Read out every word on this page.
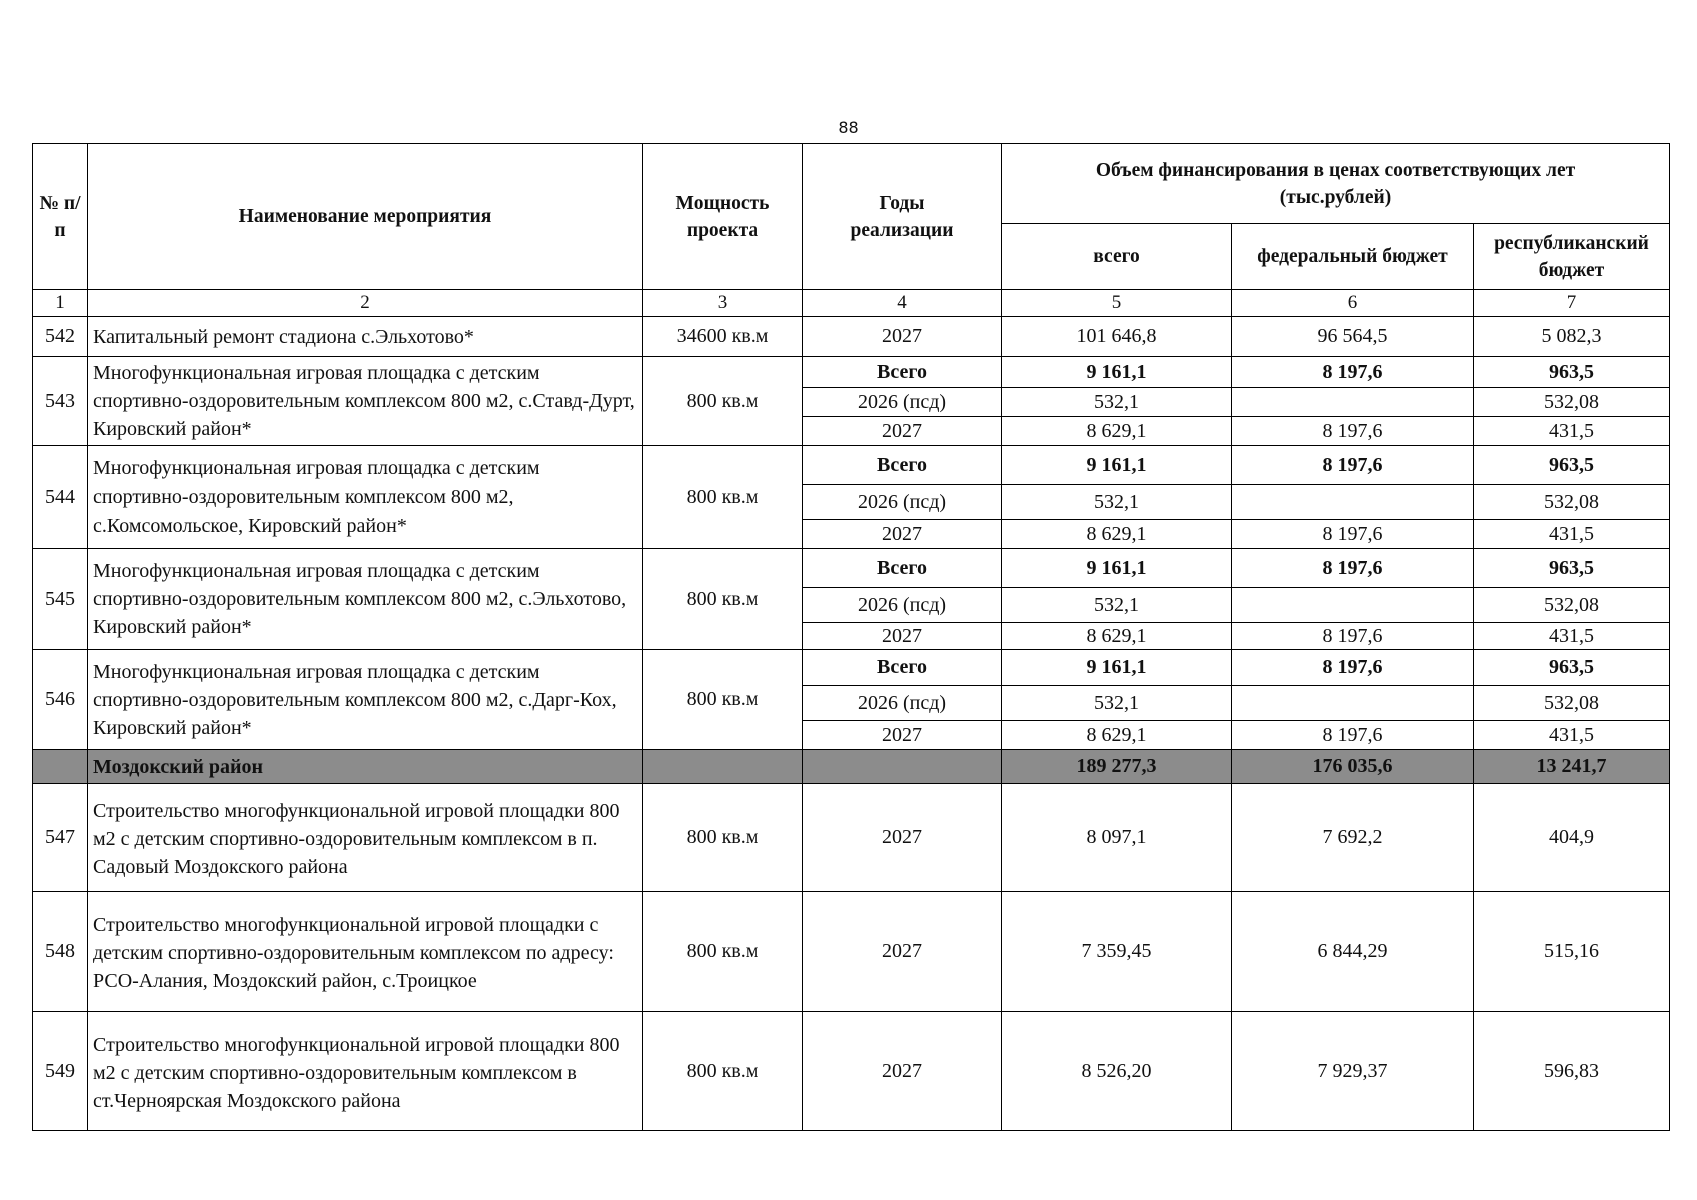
88
№ п/п	Наименование мероприятия	Мощность проекта	Годы реализации	Объем финансирования в ценах соответствующих лет (тыс.рублей)		
				всего	федеральный бюджет	республиканский бюджет
1	2	3	4	5	6	7
542	Капитальный ремонт стадиона с.Эльхотово*	34600 кв.м	2027	101 646,8	96 564,5	5 082,3
543	Многофункциональная игровая площадка с детским спортивно-оздоровительным комплексом 800 м2, с.Ставд-Дурт, Кировский район*	800 кв.м	Всего	9 161,1	8 197,6	963,5
			2026 (псд)	532,1		532,08
			2027	8 629,1	8 197,6	431,5
544	Многофункциональная игровая площадка с детским спортивно-оздоровительным комплексом 800 м2, с.Комсомольское, Кировский район*	800 кв.м	Всего	9 161,1	8 197,6	963,5
			2026 (псд)	532,1		532,08
			2027	8 629,1	8 197,6	431,5
545	Многофункциональная игровая площадка с детским спортивно-оздоровительным комплексом 800 м2, с.Эльхотово, Кировский район*	800 кв.м	Всего	9 161,1	8 197,6	963,5
			2026 (псд)	532,1		532,08
			2027	8 629,1	8 197,6	431,5
546	Многофункциональная игровая площадка с детским спортивно-оздоровительным комплексом 800 м2, с.Дарг-Кох, Кировский район*	800 кв.м	Всего	9 161,1	8 197,6	963,5
			2026 (псд)	532,1		532,08
			2027	8 629,1	8 197,6	431,5
	Моздокский район			189 277,3	176 035,6	13 241,7
547	Строительство многофункциональной игровой площадки 800 м2 с детским спортивно-оздоровительным комплексом в п. Садовый Моздокского района	800 кв.м	2027	8 097,1	7 692,2	404,9
548	Строительство многофункциональной игровой площадки с детским спортивно-оздоровительным комплексом по адресу: РСО-Алания, Моздокский район, с.Троицкое	800 кв.м	2027	7 359,45	6 844,29	515,16
549	Строительство многофункциональной игровой площадки 800 м2 с детским спортивно-оздоровительным комплексом в ст.Черноярская Моздокского района	800 кв.м	2027	8 526,20	7 929,37	596,83
